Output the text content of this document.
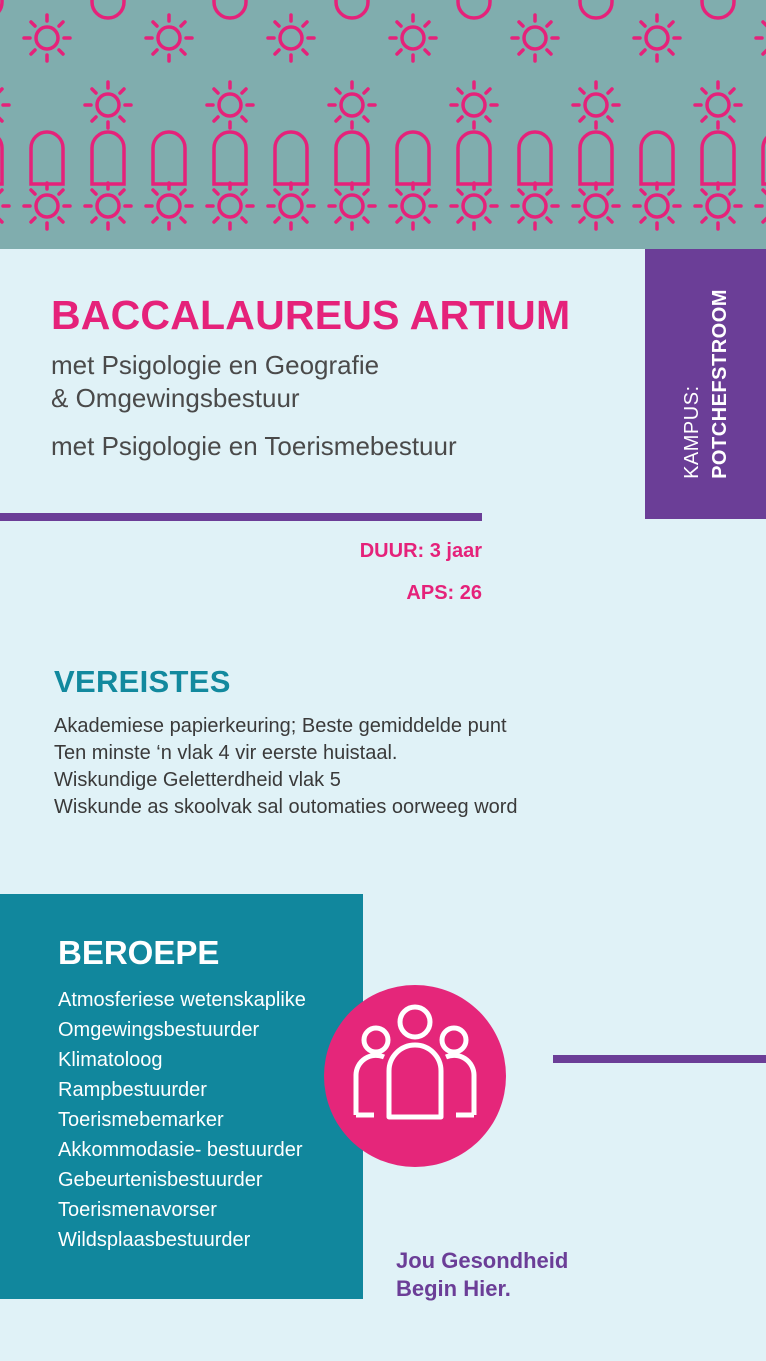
KAMPUS: POTCHEFSTROOM
BACCALAUREUS ARTIUM
met Psigologie en Geografie
& Omgewingsbestuur
met Psigologie en Toerismebestuur
DUUR: 3 jaar
APS: 26
VEREISTES
Akademiese papierkeuring; Beste gemiddelde punt
Ten minste ‘n vlak 4 vir eerste huistaal.
Wiskundige Geletterdheid vlak 5
Wiskunde as skoolvak sal outomaties oorweeg word
BEROEPE
Atmosferiese wetenskaplike
Omgewingsbestuurder
Klimatoloog
Rampbestuurder
Toerismebemarker
Akkommodasie- bestuurder
Gebeurtenisbestuurder
Toerismenavorser
Wildsplaasbestuurder
Jou Gesondheid
Begin Hier.
